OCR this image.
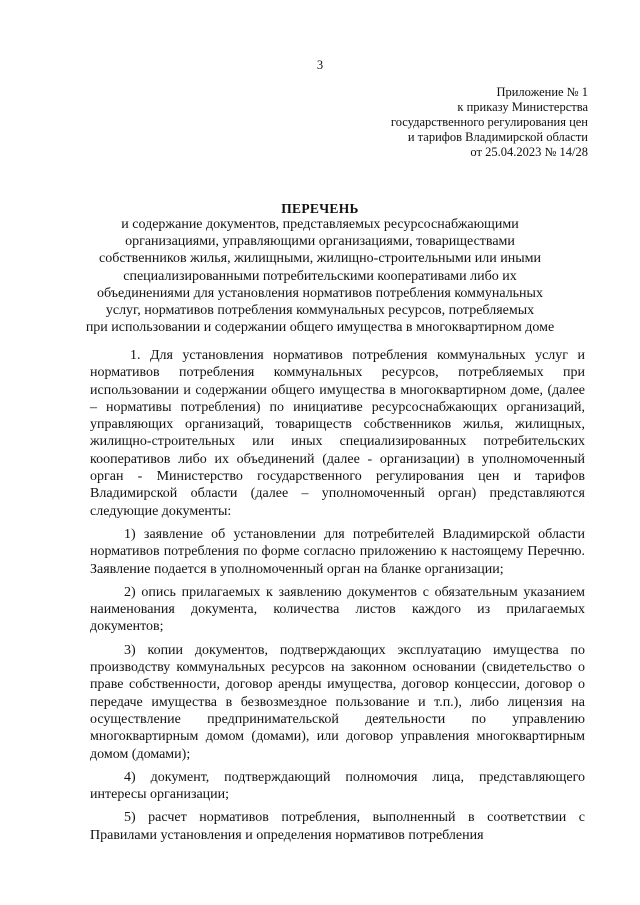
3
Приложение № 1
к приказу Министерства
государственного регулирования цен
и тарифов Владимирской области
от 25.04.2023 № 14/28
ПЕРЕЧЕНЬ
и содержание документов, представляемых ресурсоснабжающими
организациями, управляющими организациями, товариществами
собственников жилья, жилищными, жилищно-строительными или иными
специализированными потребительскими кооперативами либо их
объединениями для установления нормативов потребления коммунальных
услуг, нормативов потребления коммунальных ресурсов, потребляемых
при использовании и содержании общего имущества в многоквартирном доме

1. Для установления нормативов потребления коммунальных услуг и нормативов потребления коммунальных ресурсов, потребляемых при использовании и содержании общего имущества в многоквартирном доме, (далее – нормативы потребления) по инициативе ресурсоснабжающих организаций, управляющих организаций, товариществ собственников жилья, жилищных, жилищно-строительных или иных специализированных потребительских кооперативов либо их объединений (далее - организации) в уполномоченный орган - Министерство государственного регулирования цен и тарифов Владимирской области (далее – уполномоченный орган) представляются следующие документы:

1) заявление об установлении для потребителей Владимирской области нормативов потребления по форме согласно приложению к настоящему Перечню. Заявление подается в уполномоченный орган на бланке организации;

2) опись прилагаемых к заявлению документов с обязательным указанием наименования документа, количества листов каждого из прилагаемых документов;

3) копии документов, подтверждающих эксплуатацию имущества по производству коммунальных ресурсов на законном основании (свидетельство о праве собственности, договор аренды имущества, договор концессии, договор о передаче имущества в безвозмездное пользование и т.п.), либо лицензия на осуществление предпринимательской деятельности по управлению многоквартирным домом (домами), или договор управления многоквартирным домом (домами);

4) документ, подтверждающий полномочия лица, представляющего интересы организации;

5) расчет нормативов потребления, выполненный в соответствии с Правилами установления и определения нормативов потребления
